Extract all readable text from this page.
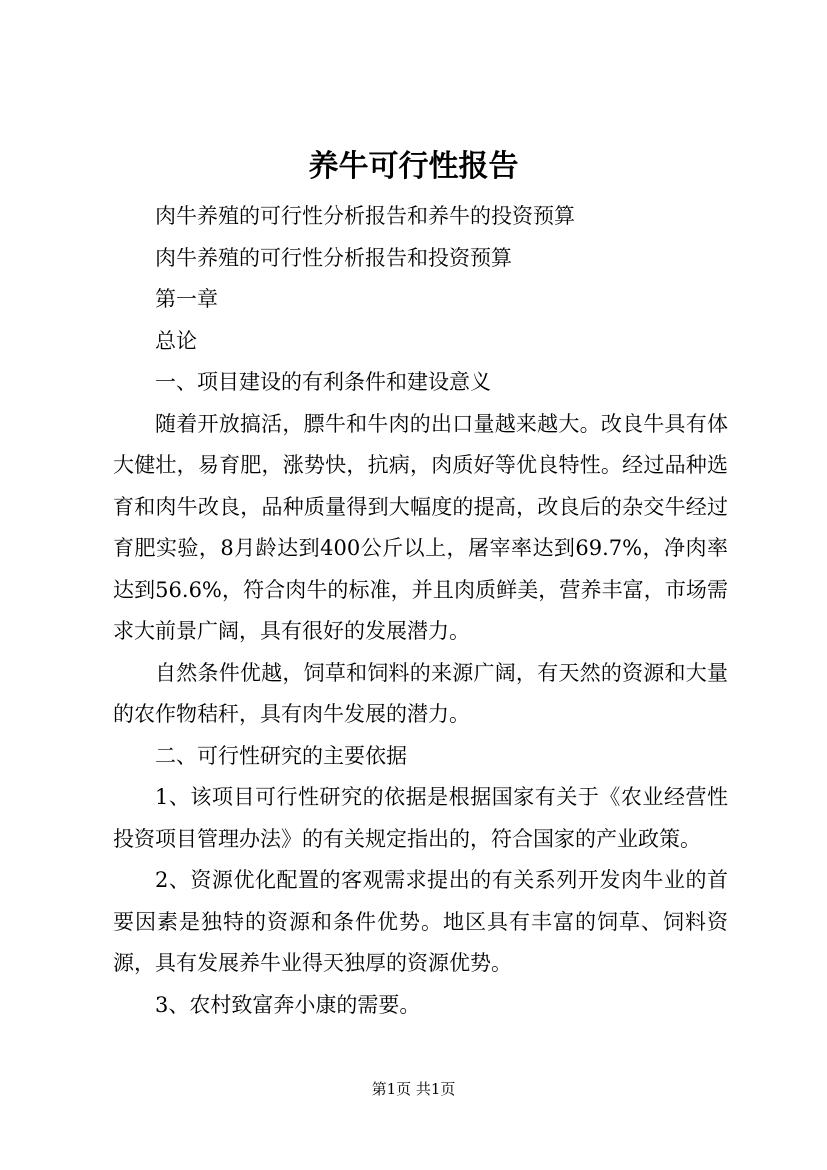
养牛可行性报告

肉牛养殖的可行性分析报告和养牛的投资预算

肉牛养殖的可行性分析报告和投资预算

第一章

总论

一、项目建设的有利条件和建设意义

随着开放搞活，膘牛和牛肉的出口量越来越大。改良牛具有体大健壮，易育肥，涨势快，抗病，肉质好等优良特性。经过品种选育和肉牛改良，品种质量得到大幅度的提高，改良后的杂交牛经过育肥实验，8月龄达到400公斤以上，屠宰率达到69.7%，净肉率达到56.6%，符合肉牛的标准，并且肉质鲜美，营养丰富，市场需求大前景广阔，具有很好的发展潜力。

自然条件优越，饲草和饲料的来源广阔，有天然的资源和大量的农作物秸秆，具有肉牛发展的潜力。

二、可行性研究的主要依据

1、该项目可行性研究的依据是根据国家有关于《农业经营性投资项目管理办法》的有关规定指出的，符合国家的产业政策。

2、资源优化配置的客观需求提出的有关系列开发肉牛业的首要因素是独特的资源和条件优势。地区具有丰富的饲草、饲料资源，具有发展养牛业得天独厚的资源优势。

3、农村致富奔小康的需要。

第1页 共1页
